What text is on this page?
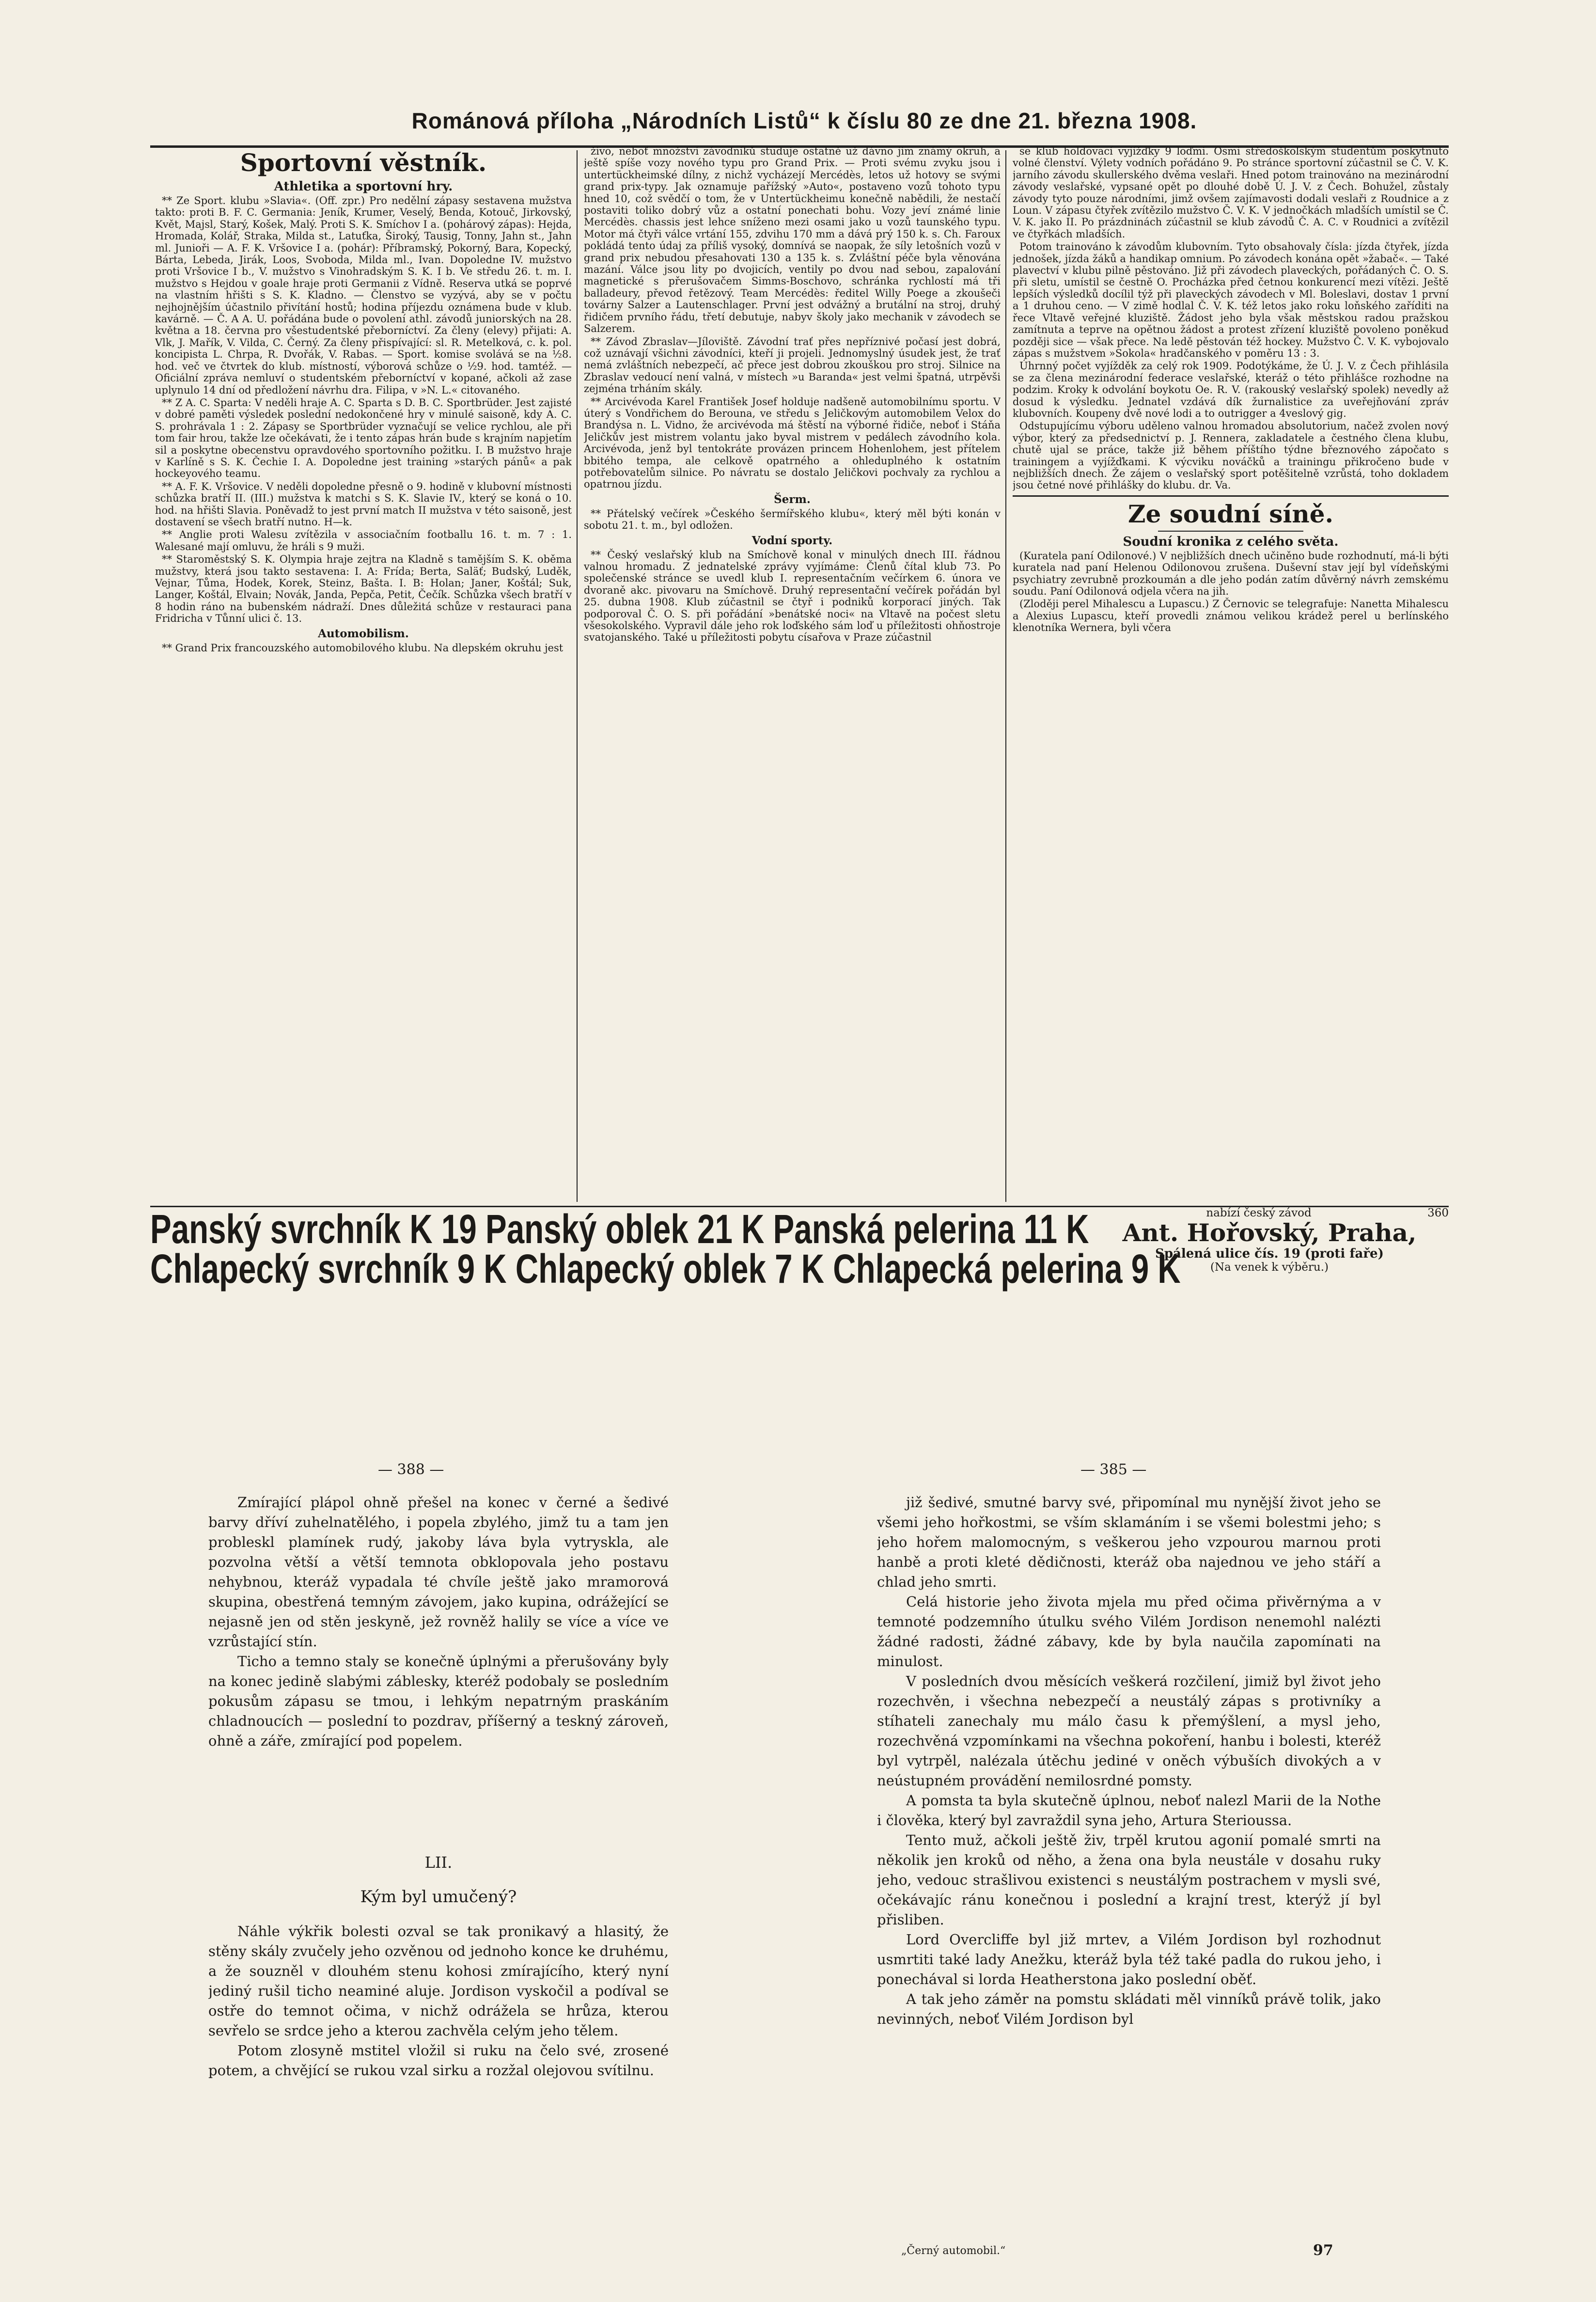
Románová příloha „Národních Listů“ k číslu 80 ze dne 21. března 1908.
Sportovní věstník.
Athletika a sportovní hry.

** Ze Sport. klubu »Slavia«. (Off. zpr.) Pro nedělní zápasy sestavena mužstva takto: proti B. F. C. Germania: Jeník, Krumer, Veselý, Benda, Kotouč, Jirkovský, Květ, Majsl, Starý, Košek, Malý. Proti S. K. Smíchov I a. (pohárový zápas): Hejda, Hromada, Kolář, Straka, Milda st., Latuťka, Široký, Tausig, Tonny, Jahn st., Jahn ml. Junioři — A. F. K. Vršovice I a. (pohár): Příbramský, Pokorný, Bara, Kopecký, Bárta, Lebeda, Jirák, Loos, Svoboda, Milda ml., Ivan. Dopoledne IV. mužstvo proti Vršovice I b., V. mužstvo s Vinohradským S. K. I b. Ve středu 26. t. m. I. mužstvo s Hejdou v goale hraje proti Germanii z Vídně. Reserva utká se poprvé na vlastním hřišti s S. K. Kladno. — Členstvo se vyzývá, aby se v počtu nejhojnějším účastnilo přivítání hostů; hodina příjezdu oznámena bude v klub. kavárně. — Č. A A. U. pořádána bude o povolení athl. závodů juniorských na 28. května a 18. června pro všestudentské přeborníctví. Za členy (elevy) přijati: A. Vlk, J. Mařík, V. Vilda, C. Černý. Za členy přispívající: sl. R. Metelková, c. k. pol. koncipista L. Chrpa, R. Dvořák, V. Rabas. — Sport. komise svolává se na ½8. hod. več ve čtvrtek do klub. místností, výborová schůze o ½9. hod. tamtéž. — Oficiální zpráva nemluví o studentském přeborníctví v kopané, ačkoli až zase uplynulo 14 dní od předložení návrhu dra. Filipa, v »N. L.« citovaného.

** Z A. C. Sparta: V neděli hraje A. C. Sparta s D. B. C. Sportbrüder. Jest zajisté v dobré paměti výsledek poslední nedokončené hry v minulé saisoně, kdy A. C. S. prohrávala 1 : 2. Zápasy se Sportbrüder vyznačují se velice rychlou, ale při tom fair hrou, takže lze očekávati, že i tento zápas hrán bude s krajním napjetím sil a poskytne obecenstvu opravdového sportovního požitku. I. B mužstvo hraje v Karlíně s S. K. Čechie I. A. Dopoledne jest training »starých pánů« a pak hockeyového teamu.

** A. F. K. Vršovice. V neděli dopoledne přesně o 9. hodině v klubovní místnosti schůzka bratří II. (III.) mužstva k matchi s S. K. Slavie IV., který se koná o 10. hod. na hřišti Slavia. Poněvadž to jest první match II mužstva v této saisoně, jest dostavení se všech bratří nutno. H—k.

** Anglie proti Walesu zvítězila v associačním footballu 16. t. m. 7 : 1. Walesané mají omluvu, že hráli s 9 muži.

** Staroměstský S. K. Olympia hraje zejtra na Kladně s tamějším S. K. oběma mužstvy, která jsou takto sestavena: I. A: Frída; Berta, Saläť; Budský, Luděk, Vejnar, Tůma, Hodek, Korek, Steinz, Bašta. I. B: Holan; Janer, Koštál; Suk, Langer, Koštál, Elvain; Novák, Janda, Pepča, Petit, Čečík. Schůzka všech bratří v 8 hodin ráno na bubenském nádraží. Dnes důležitá schůze v restauraci pana Fridricha v Tůnní ulici č. 13.

Automobilism.

** Grand Prix francouzského automobilového klubu. Na dlepském okruhu jest

živo, neboť množství závodníků studuje ostatně už dávno jim známý okruh, a ještě spíše vozy nového typu pro Grand Prix. — Proti svému zvyku jsou i untertückheimské dílny, z nichž vycházejí Mercédès, letos už hotovy se svými grand prix-typy. Jak oznamuje pařížský »Auto«, postaveno vozů tohoto typu hned 10, což svědčí o tom, že v Untertückheimu konečně nabědili, že nestačí postaviti toliko dobrý vůz a ostatní ponechati bohu. Vozy jeví známé linie Mercédès. chassis jest lehce sníženo mezi osami jako u vozů taunského typu. Motor má čtyři válce vrtání 155, zdvihu 170 mm a dává prý 150 k. s. Ch. Faroux pokládá tento údaj za příliš vysoký, domnívá se naopak, že síly letošních vozů v grand prix nebudou přesahovati 130 a 135 k. s. Zvláštní péče byla věnována mazání. Válce jsou lity po dvojicích, ventily po dvou nad sebou, zapalování magnetické s přerušovačem Simms-Boschovo, schránka rychlostí má tři balladeury, převod řetězový. Team Mercédès: ředitel Willy Poege a zkoušeči továrny Salzer a Lautenschlager. První jest odvážný a brutální na stroj, druhý řidičem prvního řádu, třetí debutuje, nabyv školy jako mechanik v závodech se Salzerem.

** Závod Zbraslav—Jíloviště. Závodní trať přes nepříznivé počasí jest dobrá, což uznávají všichni závodníci, kteří ji projeli. Jednomyslný úsudek jest, že trať nemá zvláštních nebezpečí, ač přece jest dobrou zkouškou pro stroj. Silnice na Zbraslav vedoucí není valná, v místech »u Baranda« jest velmi špatná, utrpěvši zejména trháním skály.

** Arcivévoda Karel František Josef holduje nadšeně automobilnímu sportu. V úterý s Vondřichem do Berouna, ve středu s Jeličkovým automobilem Velox do Brandýsa n. L. Vidno, že arcivévoda má štěstí na výborné řidiče, neboť i Stáňa Jeličkův jest mistrem volantu jako byval mistrem v pedálech závodního kola. Arcivévoda, jenž byl tentokráte provázen princem Hohenlohem, jest přítelem bbitého tempa, ale celkově opatrného a ohleduplného k ostatním potřebovatelům silnice. Po návratu se dostalo Jeličkovi pochvaly za rychlou a opatrnou jízdu.

Šerm.

** Přátelský večírek »Českého šermířského klubu«, který měl býti konán v sobotu 21. t. m., byl odložen.

Vodní sporty.

** Český veslařský klub na Smíchově konal v minulých dnech III. řádnou valnou hromadu. Z jednatelské zprávy vyjímáme: Členů čítal klub 73. Po společenské stránce se uvedl klub I. representačním večírkem 6. února ve dvoraně akc. pivovaru na Smíchově. Druhý representační večírek pořádán byl 25. dubna 1908. Klub zúčastnil se čtyř i podniků korporací jiných. Tak podporoval Č. O. S. při pořádání »benátské noci« na Vltavě na počest sletu všesokolského. Vypravil dále jeho rok loďského sám loď u příležitosti ohňostroje svatojanského. Také u příležitosti pobytu císařova v Praze zúčastnil

se klub holdovací vyjížďky 9 loďmi. Osmi středoškolským studentům poskytnuto volné členství. Výlety vodních pořádáno 9. Po stránce sportovní zúčastnil se Č. V. K. jarního závodu skullerského dvěma veslaři. Hned potom trainováno na mezinárodní závody veslařské, vypsané opět po dlouhé době Ú. J. V. z Čech. Bohužel, zůstaly závody tyto pouze národními, jimž ovšem zajímavosti dodali veslaři z Roudnice a z Loun. V zápasu čtyřek zvítězilo mužstvo Č. V. K. V jednočkách mladších umístil se Č. V. K. jako II. Po prázdninách zúčastnil se klub závodů Č. A. C. v Roudnici a zvítězil ve čtyřkách mladších.

Potom trainováno k závodům klubovním. Tyto obsahovaly čísla: jízda čtyřek, jízda jednošek, jízda žáků a handikap omnium. Po závodech konána opět »žabač«. — Také plavectví v klubu pilně pěstováno. Již při závodech plaveckých, pořádaných Č. O. S. při sletu, umístil se čestně O. Procházka před četnou konkurencí mezi vítězi. Ještě lepších výsledků docílil týž při plaveckých závodech v Ml. Boleslavi, dostav 1 první a 1 druhou ceno. — V zimě hodlal Č. V. K. též letos jako roku loňského zaříditi na řece Vltavě veřejné kluziště. Žádost jeho byla však městskou radou pražskou zamítnuta a teprve na opětnou žádost a protest zřízení kluziště povoleno poněkud později sice — však přece. Na ledě pěstován též hockey. Mužstvo Č. V. K. vybojovalo zápas s mužstvem »Sokola« hradčanského v poměru 13 : 3.

Úhrnný počet vyjížděk za celý rok 1909. Podotýkáme, že Ú. J. V. z Čech přihlásila se za člena mezinárodní federace veslařské, kteráž o této přihlášce rozhodne na podzim. Kroky k odvolání boykotu Oe. R. V. (rakouský veslařský spolek) nevedly až dosud k výsledku. Jednatel vzdává dík žurnalistice za uveřejňování zpráv klubovních. Koupeny dvě nové lodi a to outrigger a 4veslový gig.

Odstupujícímu výboru uděleno valnou hromadou absolutorium, načež zvolen nový výbor, který za předsednictví p. J. Rennera, zakladatele a čestného člena klubu, chutě ujal se práce, takže již během příštího týdne březnového zápočato s trainingem a vyjížďkami. K výcviku nováčků a trainingu přikročeno bude v nejbližších dnech. Že zájem o veslařský sport potěšitelně vzrůstá, toho dokladem jsou četné nové přihlášky do klubu. dr. Va.

Ze soudní síně.
Soudní kronika z celého světa.

(Kuratela paní Odilonové.) V nejbližších dnech učiněno bude rozhodnutí, má-li býti kuratela nad paní Helenou Odilonovou zrušena. Duševní stav její byl vídeňskými psychiatry zevrubně prozkoumán a dle jeho podán zatím důvěrný návrh zemskému soudu. Paní Odilonová odjela včera na jih.

(Zloději perel Mihalescu a Lupascu.) Z Černovic se telegrafuje: Nanetta Mihalescu a Alexius Lupascu, kteří provedli známou velikou krádež perel u berlínského klenotníka Wernera, byli včera

Panský svrchník K 19 Panský oblek 21 K Panská pelerina 11 K
Chlapecký svrchník 9 K Chlapecký oblek 7 K Chlapecká pelerina 9 K
nabízí český závod	360
Ant. Hořovský, Praha,
Spálená ulice čís. 19 (proti faře)
(Na venek k výběru.)
— 388 —	— 385 —

Zmírající plápol ohně přešel na konec v černé a šedivé barvy dříví zuhelnatělého, i popela zbylého, jimž tu a tam jen probleskl plamínek rudý, jakoby láva byla vytryskla, ale pozvolna větší a větší temnota obklopovala jeho postavu nehybnou, kteráž vypadala té chvíle ještě jako mramorová skupina, obestřená temným závojem, jako kupina, odrážející se nejasně jen od stěn jeskyně, jež rovněž halily se více a více ve vzrůstající stín.

Ticho a temno staly se konečně úplnými a přerušovány byly na konec jedině slabými záblesky, kteréž podobaly se posledním pokusům zápasu se tmou, i lehkým nepatrným praskáním chladnoucích — poslední to pozdrav, příšerný a teskný zároveň, ohně a záře, zmírající pod popelem.

LII.
Kým byl umučený?

Náhle výkřik bolesti ozval se tak pronikavý a hlasitý, že stěny skály zvučely jeho ozvěnou od jednoho konce ke druhému, a že souzněl v dlouhém stenu kohosi zmírajícího, který nyní jediný rušil ticho neaminé aluje. Jordison vyskočil a podíval se ostře do temnot očima, v nichž odrážela se hrůza, kterou sevřelo se srdce jeho a kterou zachvěla celým jeho tělem.

Potom zlosyně mstitel vložil si ruku na čelo své, zrosené potem, a chvějící se rukou vzal sirku a rozžal olejovou svítilnu.

již šedivé, smutné barvy své, připomínal mu nynější život jeho se všemi jeho hořkostmi, se vším sklamáním i se všemi bolestmi jeho; s jeho hořem malomocným, s veškerou jeho vzpourou marnou proti hanbě a proti kleté dědičnosti, kteráž oba najednou ve jeho stáří a chlad jeho smrti.

Celá historie jeho života mjela mu před očima přivěrnýma a v temnoté podzemního útulku svého Vilém Jordison nenemohl nalézti žádné radosti, žádné zábavy, kde by byla naučila zapomínati na minulost.

V posledních dvou měsících veškerá rozčilení, jimiž byl život jeho rozechvěn, i všechna nebezpečí a neustálý zápas s protivníky a stíhateli zanechaly mu málo času k přemýšlení, a mysl jeho, rozechvěná vzpomínkami na všechna pokoření, hanbu i bolesti, kteréž byl vytrpěl, nalézala útěchu jediné v oněch výbuších divokých a v neústupném provádění nemilosrdné pomsty.

A pomsta ta byla skutečně úplnou, neboť nalezl Marii de la Nothe i člověka, který byl zavraždil syna jeho, Artura Sterioussa.

Tento muž, ačkoli ještě živ, trpěl krutou agonií pomalé smrti na několik jen kroků od něho, a žena ona byla neustále v dosahu ruky jeho, vedouc strašlivou existenci s neustálým postrachem v mysli své, očekávajíc ránu konečnou i poslední a krajní trest, kterýž jí byl přisliben.

Lord Overcliffe byl již mrtev, a Vilém Jordison byl rozhodnut usmrtiti také lady Anežku, kteráž byla též také padla do rukou jeho, i ponechával si lorda Heatherstona jako poslední oběť.

A tak jeho záměr na pomstu skládati měl vinníků právě tolik, jako nevinných, neboť Vilém Jordison byl

„Černý automobil.“	97
